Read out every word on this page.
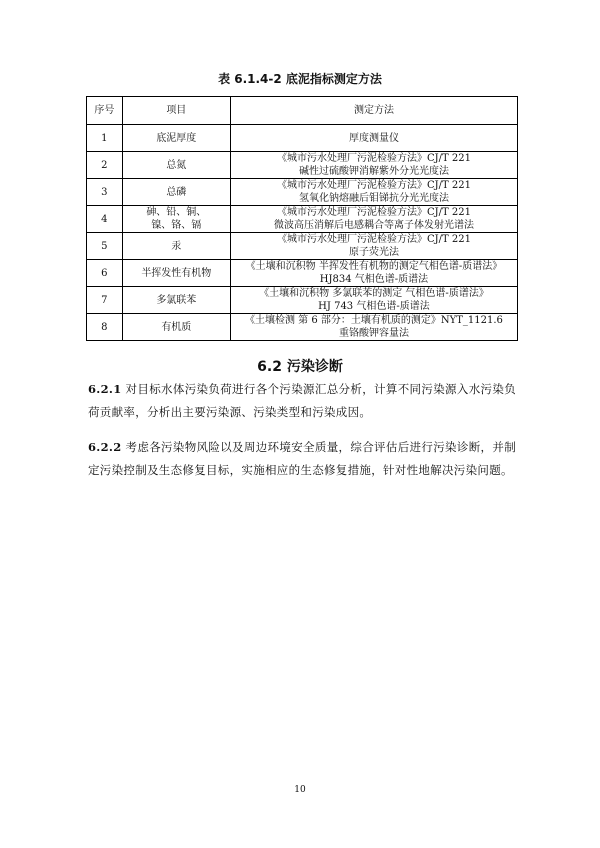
表 6.1.4-2 底泥指标测定方法
序号	项目	测定方法
1	底泥厚度	厚度测量仪

2	总氮	《城市污水处理厂污泥检验方法》CJ/T 221
碱性过硫酸钾消解紫外分光光度法

3	总磷	《城市污水处理厂污泥检验方法》CJ/T 221
氢氧化钠熔融后钼锑抗分光光度法

4	砷、铅、铜、镍、铬、镉	《城市污水处理厂污泥检验方法》CJ/T 221
微波高压消解后电感耦合等离子体发射光谱法

5	汞	《城市污水处理厂污泥检验方法》CJ/T 221
原子荧光法

6	半挥发性有机物	《土壤和沉积物 半挥发性有机物的测定气相色谱-质谱法》
HJ834 气相色谱-质谱法

7	多氯联苯	《土壤和沉积物 多氯联苯的测定 气相色谱-质谱法》
HJ 743 气相色谱-质谱法

8	有机质	《土壤检测 第 6 部分：土壤有机质的测定》NYT_1121.6
重铬酸钾容量法
6.2 污染诊断
6.2.1 对目标水体污染负荷进行各个污染源汇总分析，计算不同污染源入水污染负荷贡献率，分析出主要污染源、污染类型和污染成因。
6.2.2 考虑各污染物风险以及周边环境安全质量，综合评估后进行污染诊断，并制定污染控制及生态修复目标，实施相应的生态修复措施，针对性地解决污染问题。
10
